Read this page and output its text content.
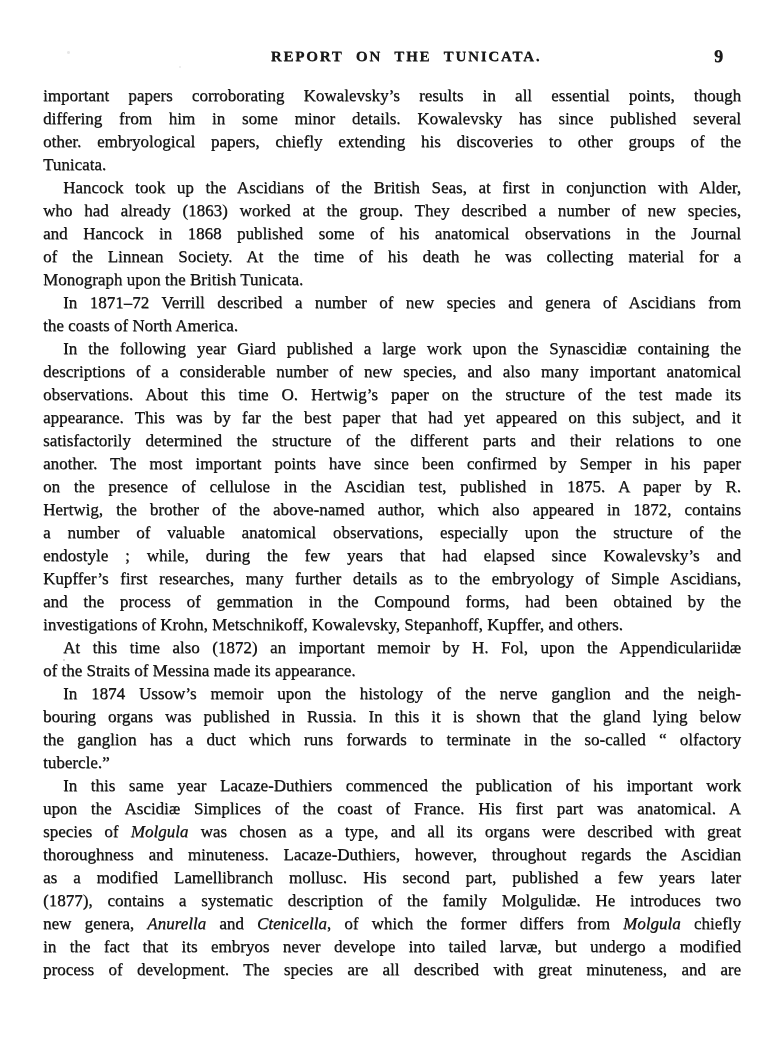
REPORT ON THE TUNICATA.	9
important papers corroborating Kowalevsky’s results in all essential points, though
differing from him in some minor details. Kowalevsky has since published several
other. embryological papers, chiefly extending his discoveries to other groups of the
Tunicata.
Hancock took up the Ascidians of the British Seas, at first in conjunction with Alder,
who had already (1863) worked at the group. They described a number of new species,
and Hancock in 1868 published some of his anatomical observations in the Journal
of the Linnean Society. At the time of his death he was collecting material for a
Monograph upon the British Tunicata.
In 1871–72 Verrill described a number of new species and genera of Ascidians from
the coasts of North America.
In the following year Giard published a large work upon the Synascidiæ containing the
descriptions of a considerable number of new species, and also many important anatomical
observations. About this time O. Hertwig’s paper on the structure of the test made its
appearance. This was by far the best paper that had yet appeared on this subject, and it
satisfactorily determined the structure of the different parts and their relations to one
another. The most important points have since been confirmed by Semper in his paper
on the presence of cellulose in the Ascidian test, published in 1875. A paper by R.
Hertwig, the brother of the above-named author, which also appeared in 1872, contains
a number of valuable anatomical observations, especially upon the structure of the
endostyle ; while, during the few years that had elapsed since Kowalevsky’s and
Kupffer’s first researches, many further details as to the embryology of Simple Ascidians,
and the process of gemmation in the Compound forms, had been obtained by the
investigations of Krohn, Metschnikoff, Kowalevsky, Stepanhoff, Kupffer, and others.
At this time also (1872) an important memoir by H. Fol, upon the Appendiculariidæ
of the Straits of Messina made its appearance.
In 1874 Ussow’s memoir upon the histology of the nerve ganglion and the neigh-
bouring organs was published in Russia. In this it is shown that the gland lying below
the ganglion has a duct which runs forwards to terminate in the so-called “ olfactory
tubercle.”
In this same year Lacaze-Duthiers commenced the publication of his important work
upon the Ascidiæ Simplices of the coast of France. His first part was anatomical. A
species of Molgula was chosen as a type, and all its organs were described with great
thoroughness and minuteness. Lacaze-Duthiers, however, throughout regards the Ascidian
as a modified Lamellibranch mollusc. His second part, published a few years later
(1877), contains a systematic description of the family Molgulidæ. He introduces two
new genera, Anurella and Ctenicella, of which the former differs from Molgula chiefly
in the fact that its embryos never develope into tailed larvæ, but undergo a modified
process of development. The species are all described with great minuteness, and are
